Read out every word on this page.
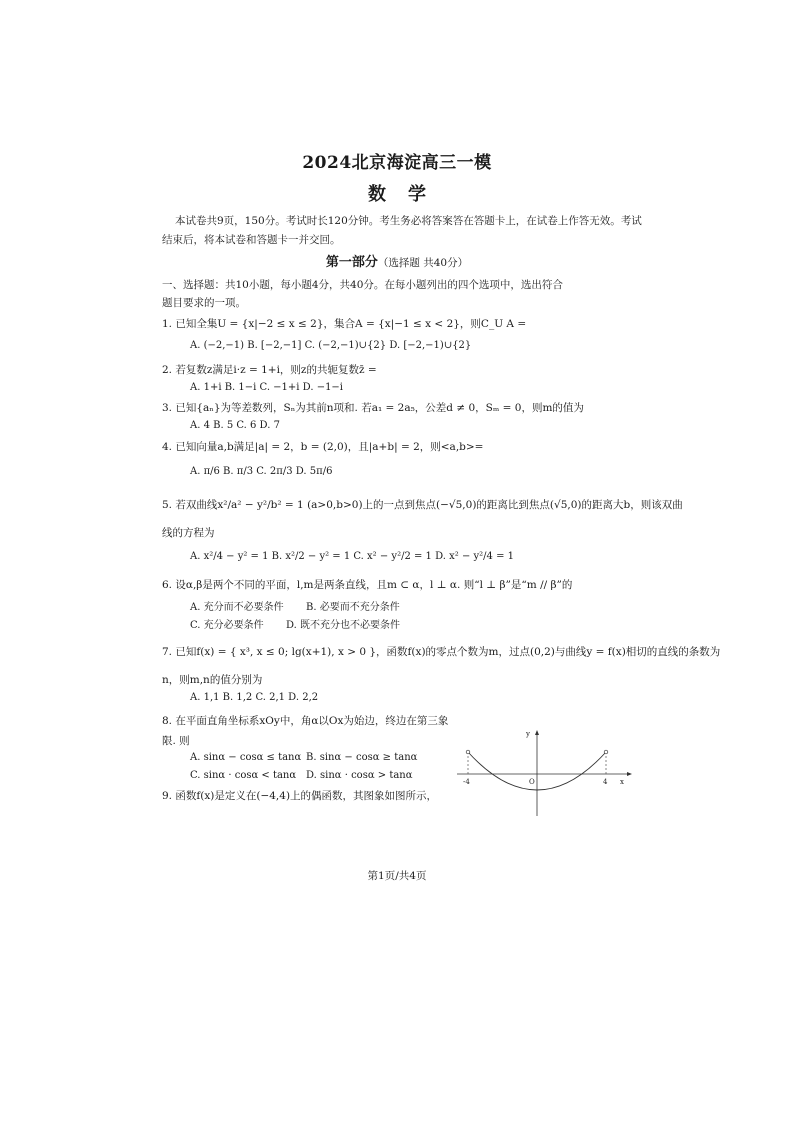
2024北京海淀高三一模
数学
本试卷共9页，150分。考试时长120分钟。考生务必将答案答在答题卡上，在试卷上作答无效。考试
结束后，将本试卷和答题卡一并交回。
第一部分（选择题 共40分）
一、选择题：共10小题，每小题4分，共40分。在每小题列出的四个选项中，选出符合
题目要求的一项。
1. 已知全集U = {x|−2 ≤ x ≤ 2}，集合A = {x|−1 ≤ x < 2}，则C_U A =
A. (−2,−1) B. [−2,−1] C. (−2,−1)∪{2} D. [−2,−1)∪{2}
2. 若复数z满足i·z = 1+i，则z的共轭复数z̄ =
A. 1+i B. 1−i C. −1+i D. −1−i
3. 已知{aₙ}为等差数列，Sₙ为其前n项和. 若a₁ = 2a₅，公差d ≠ 0，Sₘ = 0，则m的值为
A. 4 B. 5 C. 6 D. 7
4. 已知向量a,b满足|a| = 2，b = (2,0)，且|a+b| = 2，则<a,b>=
A. π/6 B. π/3 C. 2π/3 D. 5π/6
5. 若双曲线x²/a² − y²/b² = 1 (a>0,b>0)上的一点到焦点(−√5,0)的距离比到焦点(√5,0)的距离大b，则该双曲
线的方程为
A. x²/4 − y² = 1 B. x²/2 − y² = 1 C. x² − y²/2 = 1 D. x² − y²/4 = 1
6. 设α,β是两个不同的平面，l,m是两条直线，且m ⊂ α，l ⊥ α. 则“l ⊥ β”是“m // β”的
A. 充分而不必要条件 B. 必要而不充分条件
C. 充分必要条件 D. 既不充分也不必要条件
7. 已知f(x) = { x³, x ≤ 0; lg(x+1), x > 0 }，函数f(x)的零点个数为m，过点(0,2)与曲线y = f(x)相切的直线的条数为
n，则m,n的值分别为
A. 1,1 B. 1,2 C. 2,1 D. 2,2
8. 在平面直角坐标系xOy中，角α以Ox为始边，终边在第三象
限. 则
A. sinα − cosα ≤ tanα B. sinα − cosα ≥ tanα
C. sinα · cosα < tanα D. sinα · cosα > tanα
9. 函数f(x)是定义在(−4,4)上的偶函数，其图象如图所示，
y
x
O
-4	4
第1页/共4页
